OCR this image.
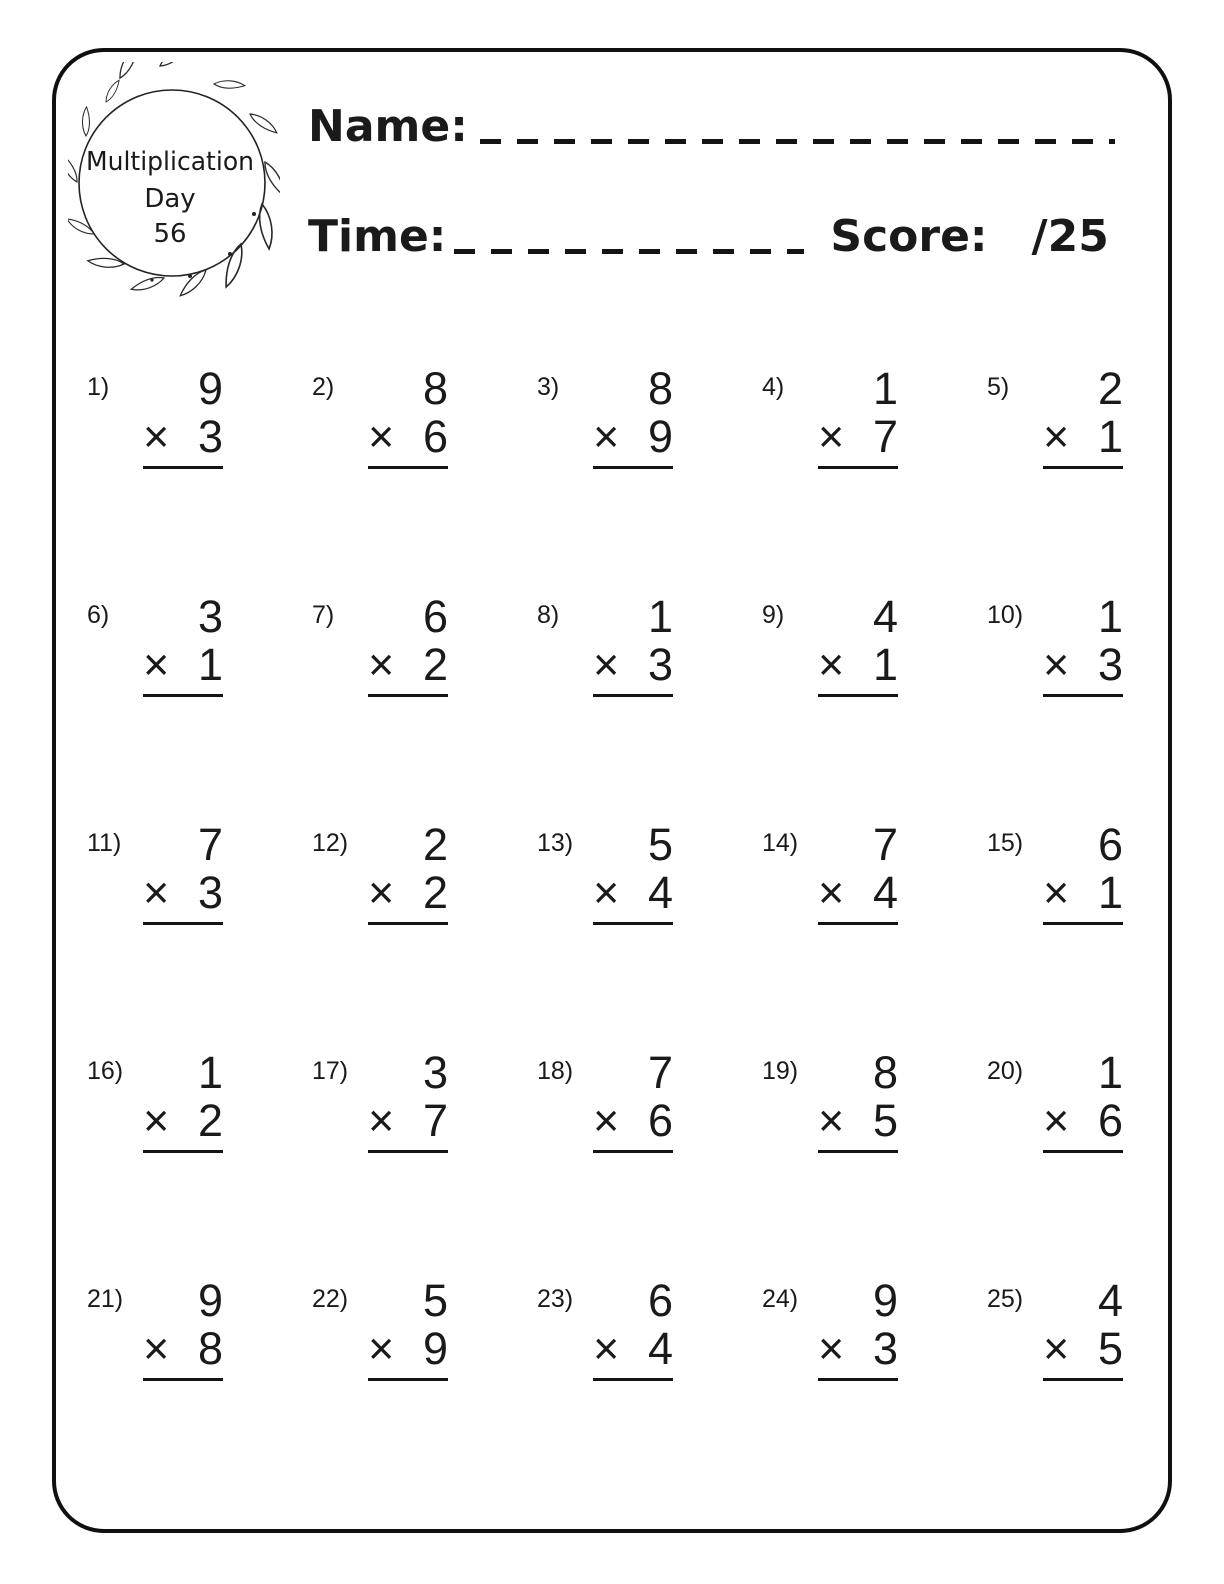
Multiplication
Day
56
Name:
Time:	Score: /25
1)	9
× 3
2)	8
× 6
3)	8
× 9
4)	1
× 7
5)	2
× 1
6)	3
× 1
7)	6
× 2
8)	1
× 3
9)	4
× 1
10)	1
× 3
11)	7
× 3
12)	2
× 2
13)	5
× 4
14)	7
× 4
15)	6
× 1
16)	1
× 2
17)	3
× 7
18)	7
× 6
19)	8
× 5
20)	1
× 6
21)	9
× 8
22)	5
× 9
23)	6
× 4
24)	9
× 3
25)	4
× 5
